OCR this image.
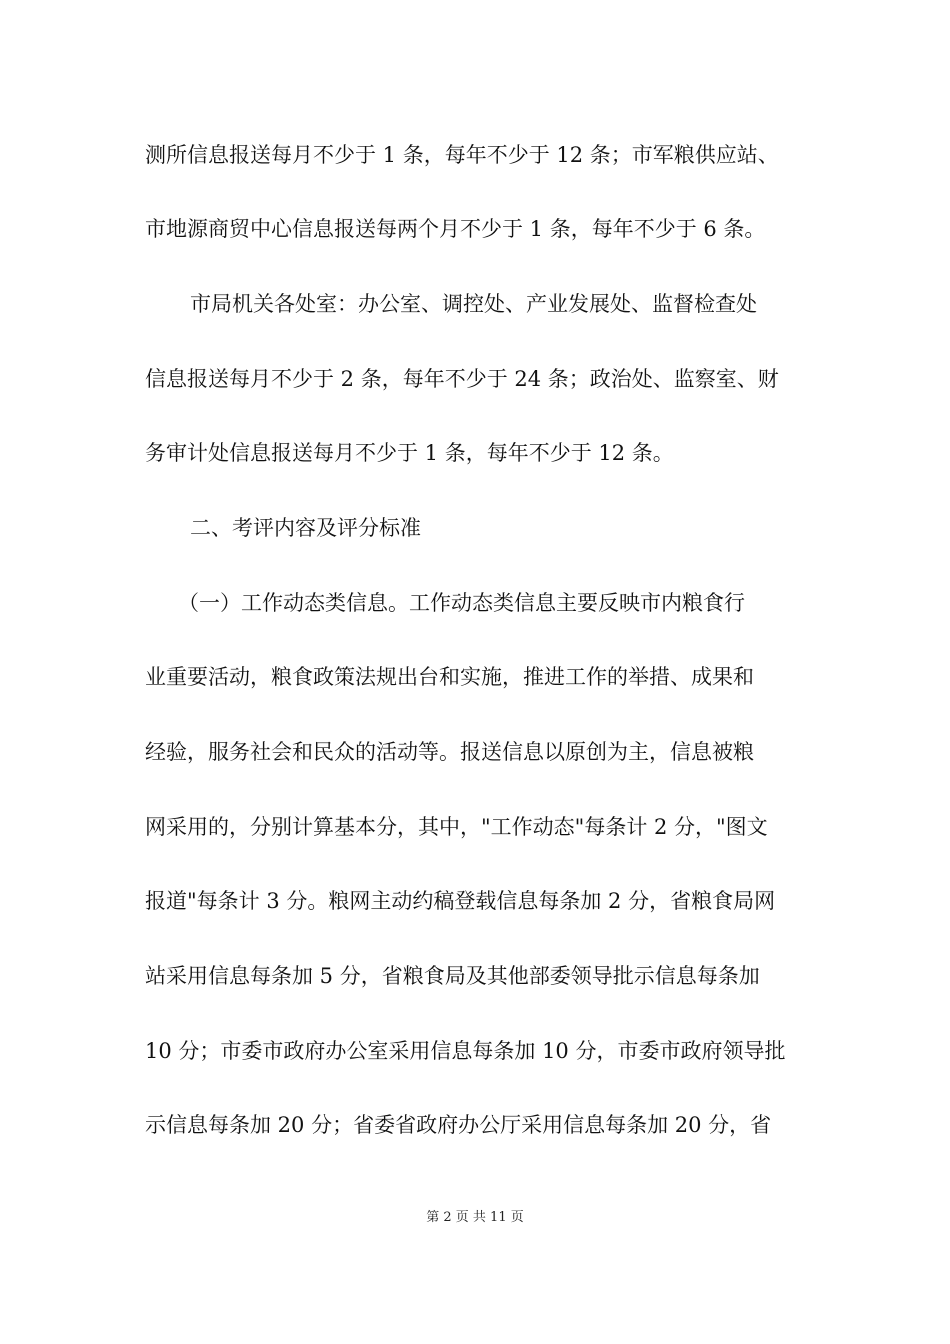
测所信息报送每月不少于 1 条，每年不少于 12 条；市军粮供应站、
市地源商贸中心信息报送每两个月不少于 1 条，每年不少于 6 条。
市局机关各处室：办公室、调控处、产业发展处、监督检查处
信息报送每月不少于 2 条，每年不少于 24 条；政治处、监察室、财
务审计处信息报送每月不少于 1 条，每年不少于 12 条。
二、考评内容及评分标准
（一）工作动态类信息。工作动态类信息主要反映市内粮食行
业重要活动，粮食政策法规出台和实施，推进工作的举措、成果和
经验，服务社会和民众的活动等。报送信息以原创为主，信息被粮
网采用的，分别计算基本分，其中，"工作动态"每条计 2 分，"图文
报道"每条计 3 分。粮网主动约稿登载信息每条加 2 分，省粮食局网
站采用信息每条加 5 分，省粮食局及其他部委领导批示信息每条加
10 分；市委市政府办公室采用信息每条加 10 分，市委市政府领导批
示信息每条加 20 分；省委省政府办公厅采用信息每条加 20 分，省
第 2 页 共 11 页
